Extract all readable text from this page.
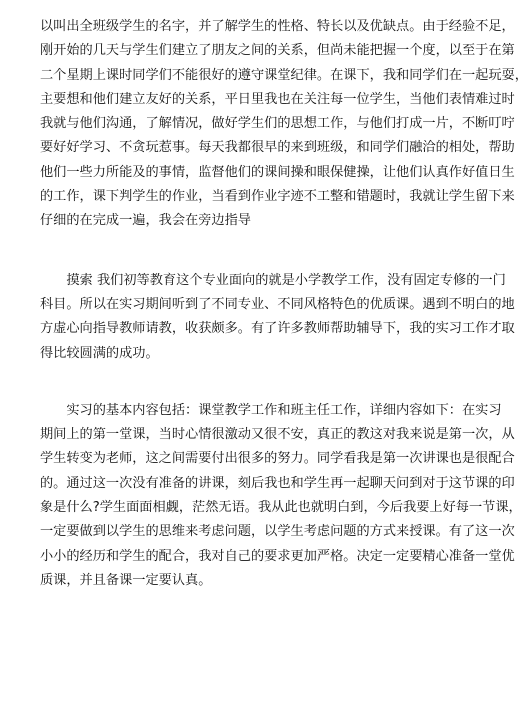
以叫出全班级学生的名字，并了解学生的性格、特长以及优缺点。由于经验不足，
刚开始的几天与学生们建立了朋友之间的关系，但尚未能把握一个度，以至于在第
二个星期上课时同学们不能很好的遵守课堂纪律。在课下，我和同学们在一起玩耍，
主要想和他们建立友好的关系，平日里我也在关注每一位学生，当他们表情难过时
我就与他们沟通，了解情况，做好学生们的思想工作，与他们打成一片，不断叮咛
要好好学习、不贪玩惹事。每天我都很早的来到班级，和同学们融洽的相处，帮助
他们一些力所能及的事情，监督他们的课间操和眼保健操，让他们认真作好值日生
的工作，课下判学生的作业，当看到作业字迹不工整和错题时，我就让学生留下来
仔细的在完成一遍，我会在旁边指导
　　摸索 我们初等教育这个专业面向的就是小学教学工作，没有固定专修的一门
科目。所以在实习期间听到了不同专业、不同风格特色的优质课。遇到不明白的地
方虚心向指导教师请教，收获颇多。有了许多教师帮助辅导下，我的实习工作才取
得比较圆满的成功。
　　实习的基本内容包括：课堂教学工作和班主任工作，详细内容如下：在实习
期间上的第一堂课，当时心情很激动又很不安，真正的教这对我来说是第一次，从
学生转变为老师，这之间需要付出很多的努力。同学看我是第一次讲课也是很配合
的。通过这一次没有准备的讲课，刻后我也和学生再一起聊天问到对于这节课的印
象是什么?学生面面相觑，茫然无语。我从此也就明白到，今后我要上好每一节课，
一定要做到以学生的思维来考虑问题，以学生考虑问题的方式来授课。有了这一次
小小的经历和学生的配合，我对自己的要求更加严格。决定一定要精心准备一堂优
质课，并且备课一定要认真。
